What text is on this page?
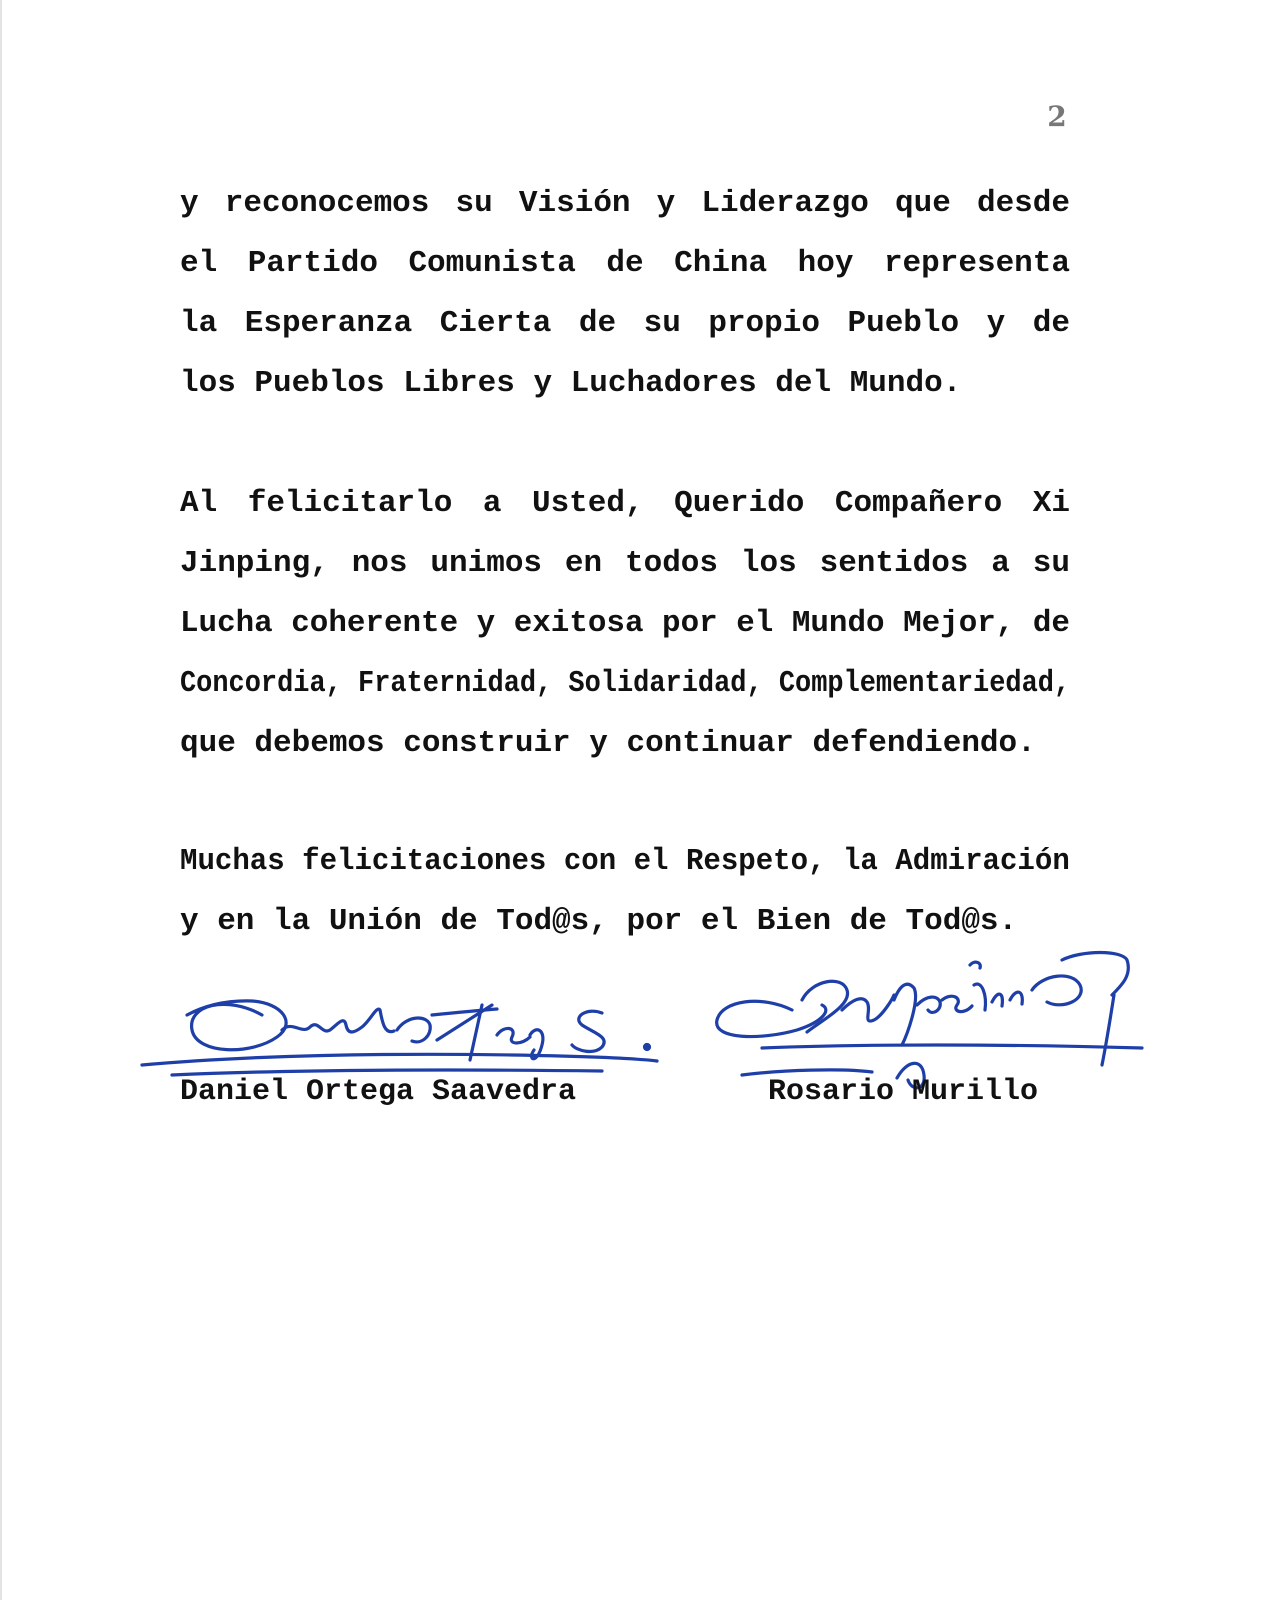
2
y reconocemos su Visión y Liderazgo que desde
el Partido Comunista de China hoy representa
la Esperanza Cierta de su propio Pueblo y de
los Pueblos Libres y Luchadores del Mundo.
Al felicitarlo a Usted, Querido Compañero Xi
Jinping, nos unimos en todos los sentidos a su
Lucha coherente y exitosa por el Mundo Mejor, de Concordia, Fraternidad, Solidaridad, Complementariedad,
que debemos construir y continuar defendiendo.
Muchas felicitaciones con el Respeto, la Admiración
y en la Unión de Tod@s, por el Bien de Tod@s.
Daniel Ortega Saavedra	Rosario Murillo
